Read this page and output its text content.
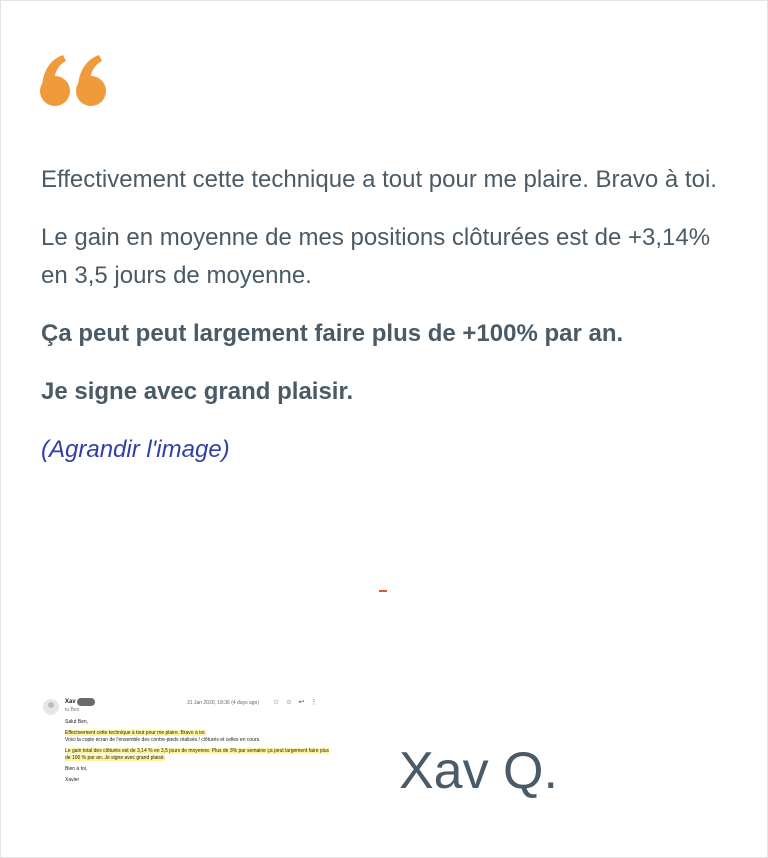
Effectivement cette technique a tout pour me plaire. Bravo à toi.

Le gain en moyenne de mes positions clôturées est de +3,14% en 3,5 jours de moyenne.

Ça peut peut largement faire plus de +100% par an.

Je signe avec grand plaisir.

(Agrandir l'image)

Xav
to Ben
31 Jan 2020, 18:36 (4 days ago) ☆☺↩⋮
Salut Ben,
Effectivement cette technique à tout pour me plaire. Bravo à toi.
Voici la copie écran de l'ensemble des contre-pieds réalisés / clôturés et celles en cours.
Le gain total des clôturés est de 3,14 % en 3,5 jours de moyenne. Plus de 3% par semaine ça peut largement faire plus de 100 % par an. Je signe avec grand plaisir.
Bien à toi,
Xavier	Xav Q.
